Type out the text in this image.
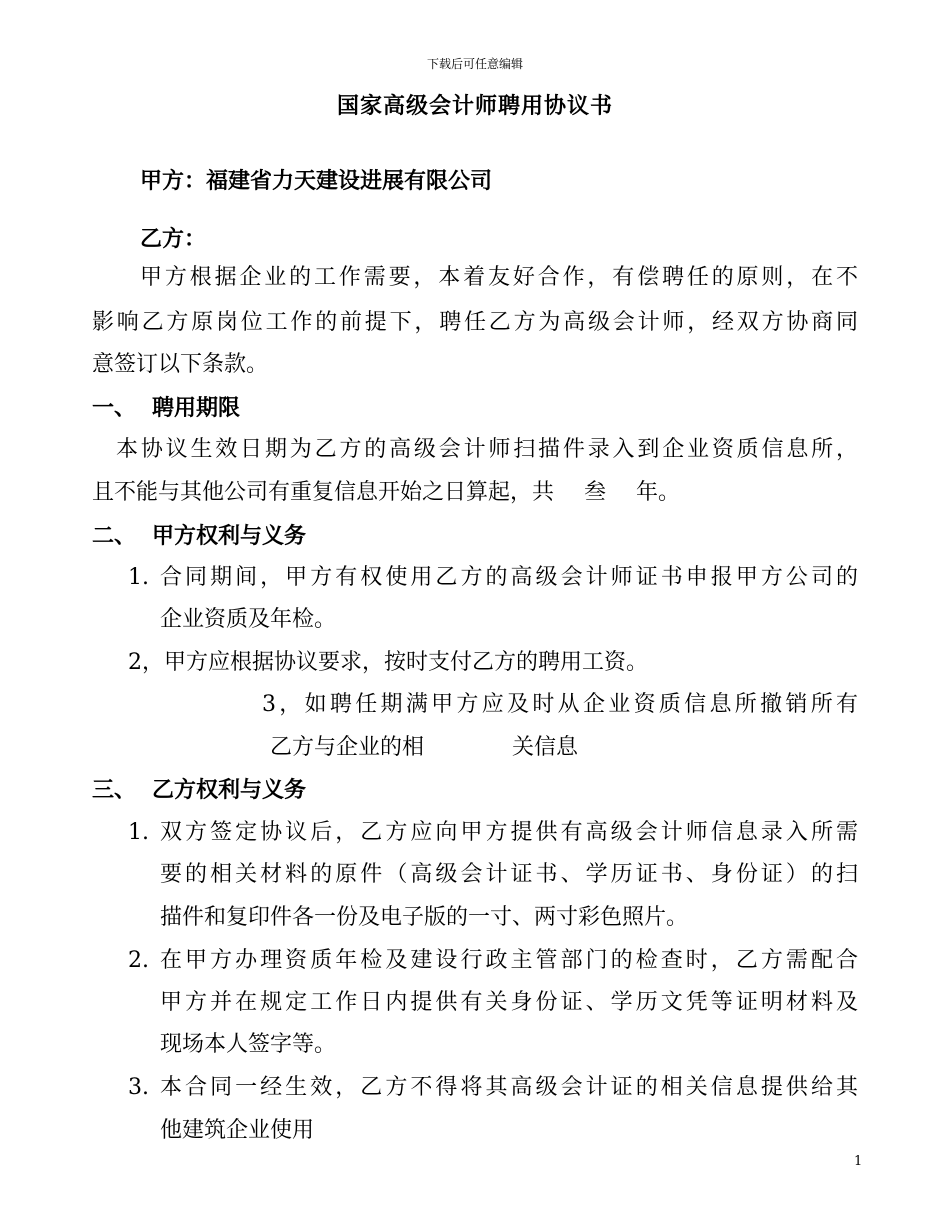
下载后可任意编辑
国家高级会计师聘用协议书
甲方：福建省力天建设进展有限公司
乙方：
甲方根据企业的工作需要，本着友好合作，有偿聘任的原则，在不
影响乙方原岗位工作的前提下，聘任乙方为高级会计师，经双方协商同
意签订以下条款。
一、 聘用期限
本协议生效日期为乙方的高级会计师扫描件录入到企业资质信息所，
且不能与其他公司有重复信息开始之日算起，共 叁 年。
二、 甲方权利与义务
1. 合同期间，甲方有权使用乙方的高级会计师证书申报甲方公司的
企业资质及年检。
2，甲方应根据协议要求，按时支付乙方的聘用工资。
3，如聘任期满甲方应及时从企业资质信息所撤销所有
乙方与企业的相	关信息
三、 乙方权利与义务
1. 双方签定协议后，乙方应向甲方提供有高级会计师信息录入所需
要的相关材料的原件（高级会计证书、学历证书、身份证）的扫
描件和复印件各一份及电子版的一寸、两寸彩色照片。
2. 在甲方办理资质年检及建设行政主管部门的检查时，乙方需配合
甲方并在规定工作日内提供有关身份证、学历文凭等证明材料及
现场本人签字等。
3. 本合同一经生效，乙方不得将其高级会计证的相关信息提供给其
他建筑企业使用
1
